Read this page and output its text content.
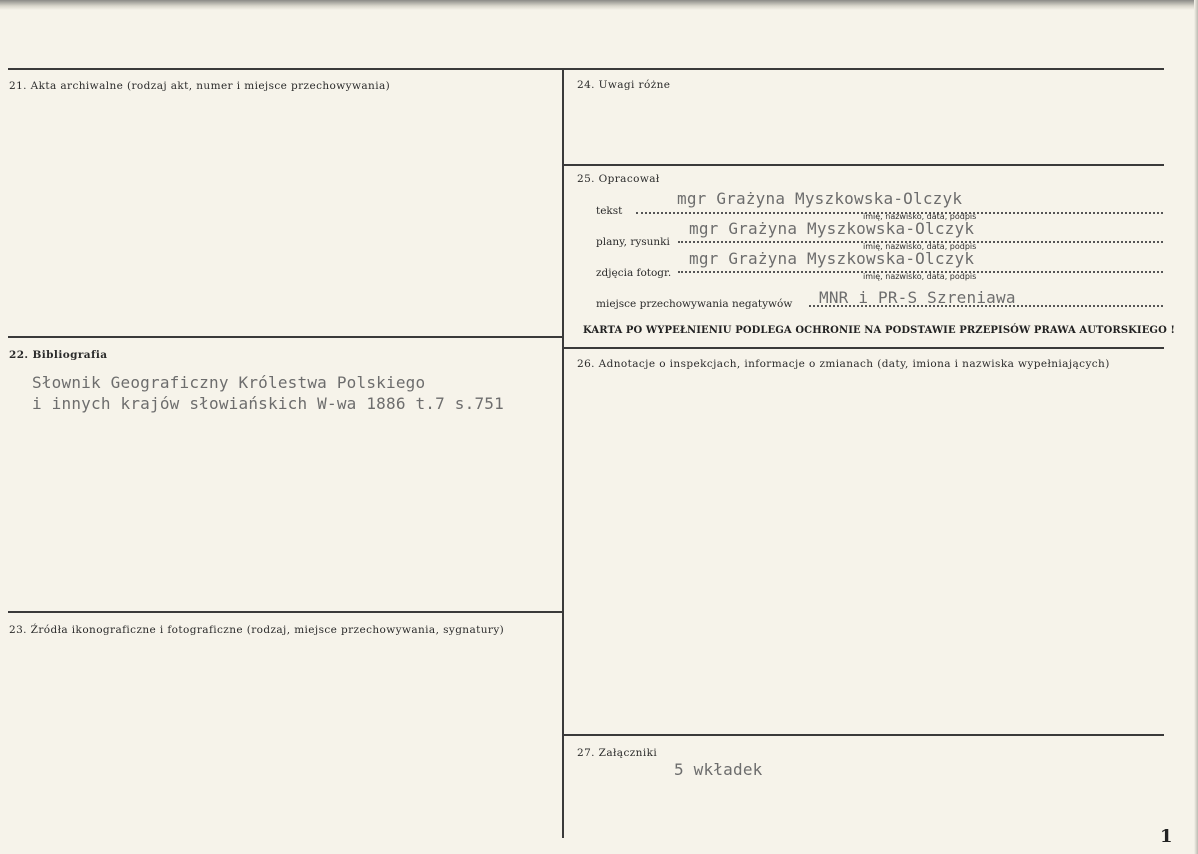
21. Akta archiwalne (rodzaj akt, numer i miejsce przechowywania)
22. Bibliografia
Słownik Geograficzny Królestwa Polskiego
i innych krajów słowiańskich W-wa 1886 t.7 s.751
23. Źródła ikonograficzne i fotograficzne (rodzaj, miejsce przechowywania, sygnatury)
24. Uwagi różne
25. Opracował
tekst
mgr Grażyna Myszkowska-Olczyk
imię, nazwisko, data, podpis
plany, rysunki
mgr Grażyna Myszkowska-Olczyk
imię, nazwisko, data, podpis
zdjęcia fotogr.
mgr Grażyna Myszkowska-Olczyk
imię, nazwisko, data, podpis
miejsce przechowywania negatywów MNR i PR-S Szreniawa
KARTA PO WYPEŁNIENIU PODLEGA OCHRONIE NA PODSTAWIE PRZEPISÓW PRAWA AUTORSKIEGO !
26. Adnotacje o inspekcjach, informacje o zmianach (daty, imiona i nazwiska wypełniających)
27. Załączniki
5 wkładek
1
